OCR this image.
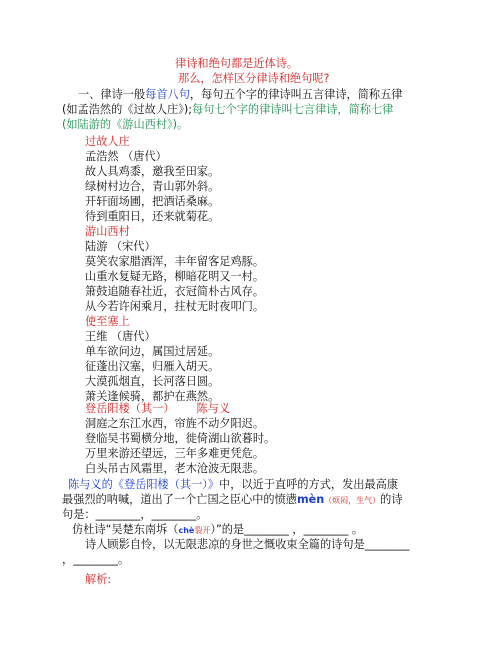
律诗和绝句都是近体诗。
那么，怎样区分律诗和绝句呢?
一、律诗一般每首八句，每句五个字的律诗叫五言律诗，简称五律
(如孟浩然的《过故人庄》);每句七个字的律诗叫七言律诗，简称七律
(如陆游的《游山西村》)。
过故人庄
孟浩然 （唐代）
故人具鸡黍，邀我至田家。
绿树村边合，青山郭外斜。
开轩面场圃，把酒话桑麻。
待到重阳日，还来就菊花。
游山西村
陆游 （宋代）
莫笑农家腊酒浑，丰年留客足鸡豚。
山重水复疑无路，柳暗花明又一村。
箫鼓追随春社近，衣冠简朴古风存。
从今若许闲乘月，拄杖无时夜叩门。
使至塞上
王维 （唐代）
单车欲问边，属国过居延。
征蓬出汉塞，归雁入胡天。
大漠孤烟直，长河落日圆。
萧关逢候骑，都护在燕然。
登岳阳楼（其一） 陈与义
洞庭之东江水西，帘旌不动夕阳迟。
登临吴书蜀横分地，徙倚湖山欲暮时。
万里来游还望远，三年多难更凭危。
白头吊古风霜里，老木沧波无限悲。
陈与义的《登岳阳楼（其一）》中，以近于直呼的方式，发出最高康
最强烈的呐喊，道出了一个亡国之臣心中的愤懑mèn（烦闷，生气）的诗
句是：________，________。
仿杜诗“吴楚东南坼（chè裂开）”的是________ ，________ 。
诗人顾影自怜，以无限悲凉的身世之慨收束全篇的诗句是________
，________。
解析:
